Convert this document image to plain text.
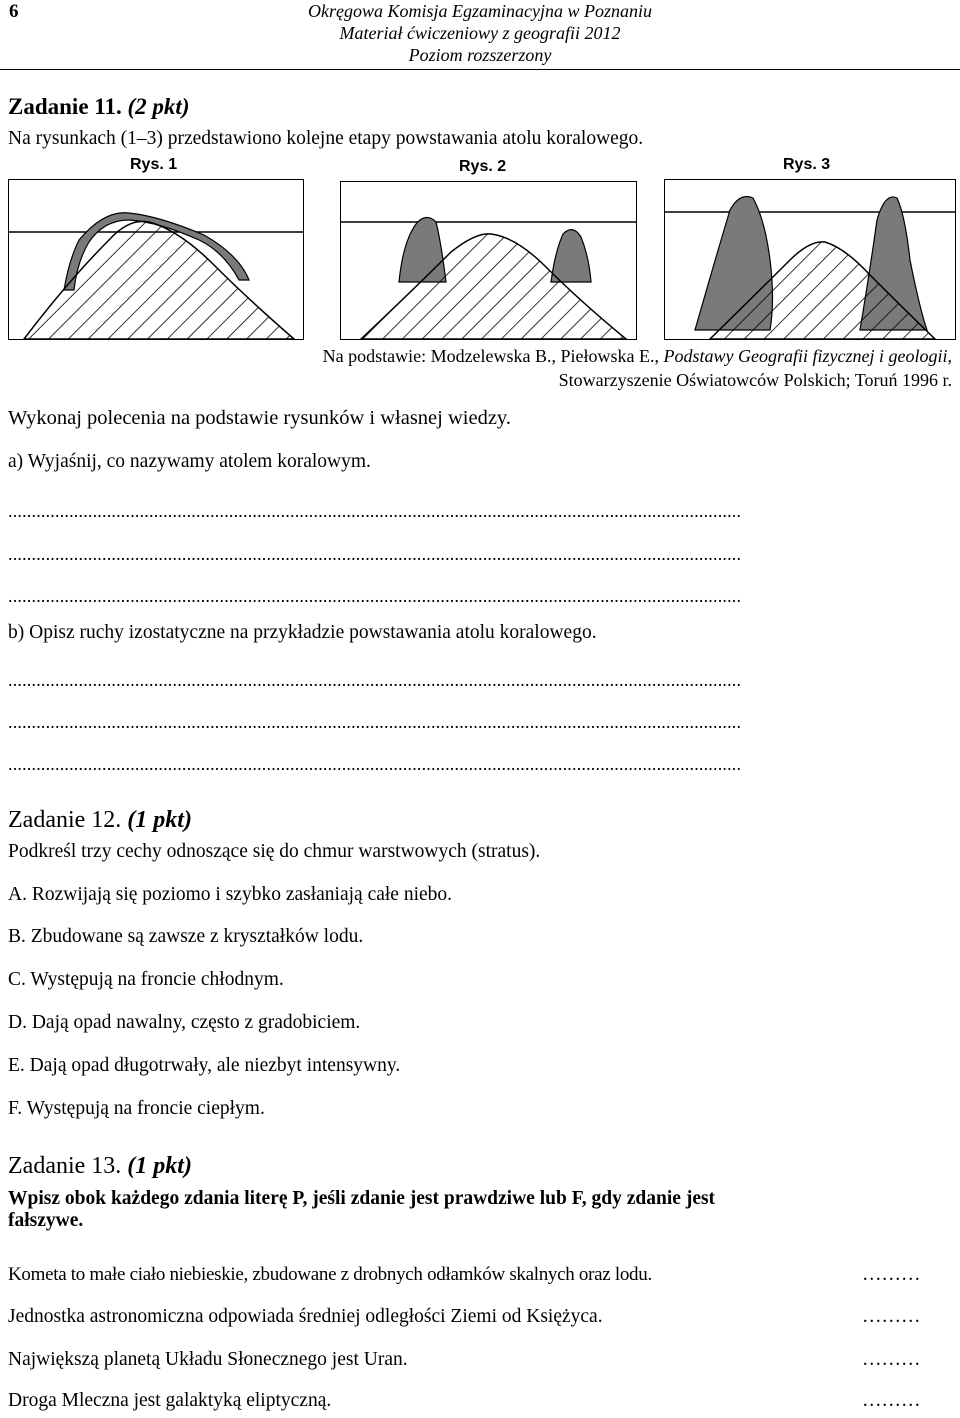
6	Okręgowa Komisja Egzaminacyjna w Poznaniu
Materiał ćwiczeniowy z geografii 2012
Poziom rozszerzony
Zadanie 11. (2 pkt)
Na rysunkach (1–3) przedstawiono kolejne etapy powstawania atolu koralowego.
Rys. 1	Rys. 2	Rys. 3
Na podstawie: Modzelewska B., Piełowska E., Podstawy Geografii fizycznej i geologii,
Stowarzyszenie Oświatowców Polskich; Toruń 1996 r.
Wykonaj polecenia na podstawie rysunków i własnej wiedzy.
a) Wyjaśnij, co nazywamy atolem koralowym.
............................................................................................................................................................
............................................................................................................................................................
............................................................................................................................................................
b) Opisz ruchy izostatyczne na przykładzie powstawania atolu koralowego.
............................................................................................................................................................
............................................................................................................................................................
............................................................................................................................................................
Zadanie 12. (1 pkt)
Podkreśl trzy cechy odnoszące się do chmur warstwowych (stratus).
A. Rozwijają się poziomo i szybko zasłaniają całe niebo.
B. Zbudowane są zawsze z kryształków lodu.
C. Występują na froncie chłodnym.
D. Dają opad nawalny, często z gradobiciem.
E. Dają opad długotrwały, ale niezbyt intensywny.
F. Występują na froncie ciepłym.
Zadanie 13. (1 pkt)
Wpisz obok każdego zdania literę P, jeśli zdanie jest prawdziwe lub F, gdy zdanie jest
fałszywe.
Kometa to małe ciało niebieskie, zbudowane z drobnych odłamków skalnych oraz lodu.	………
Jednostka astronomiczna odpowiada średniej odległości Ziemi od Księżyca.	………
Największą planetą Układu Słonecznego jest Uran.	………
Droga Mleczna jest galaktyką eliptyczną.	………
